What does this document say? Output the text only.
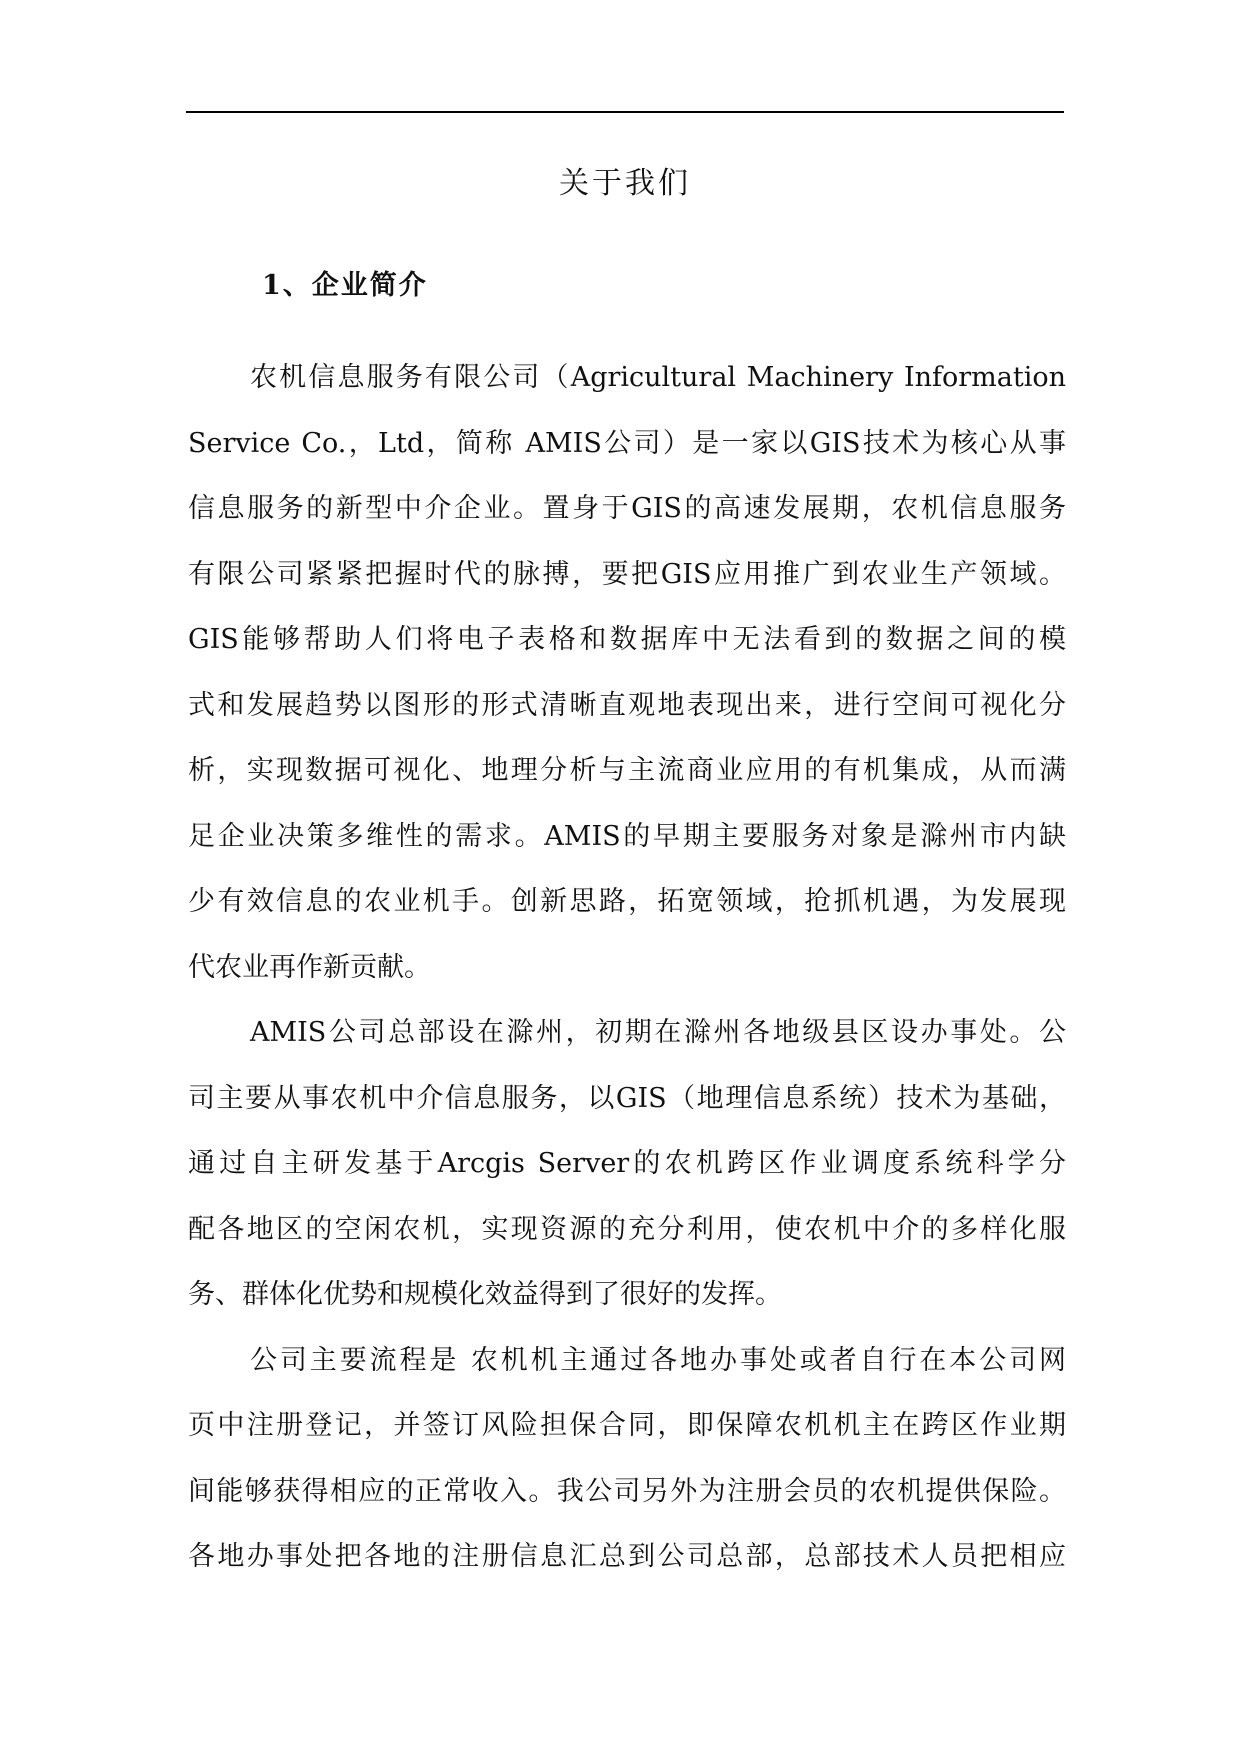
关于我们
1、企业简介
农机信息服务有限公司（Agricultural Machinery Information
Service Co.，Ltd，简称 AMIS公司）是一家以GIS技术为核心从事
信息服务的新型中介企业。置身于GIS的高速发展期，农机信息服务
有限公司紧紧把握时代的脉搏，要把GIS应用推广到农业生产领域。
GIS能够帮助人们将电子表格和数据库中无法看到的数据之间的模
式和发展趋势以图形的形式清晰直观地表现出来，进行空间可视化分
析，实现数据可视化、地理分析与主流商业应用的有机集成，从而满
足企业决策多维性的需求。AMIS的早期主要服务对象是滁州市内缺
少有效信息的农业机手。创新思路，拓宽领域，抢抓机遇，为发展现
代农业再作新贡献。
AMIS公司总部设在滁州，初期在滁州各地级县区设办事处。公
司主要从事农机中介信息服务，以GIS（地理信息系统）技术为基础，
通过自主研发基于Arcgis Server的农机跨区作业调度系统科学分
配各地区的空闲农机，实现资源的充分利用，使农机中介的多样化服
务、群体化优势和规模化效益得到了很好的发挥。
公司主要流程是 农机机主通过各地办事处或者自行在本公司网
页中注册登记，并签订风险担保合同，即保障农机机主在跨区作业期
间能够获得相应的正常收入。我公司另外为注册会员的农机提供保险。
各地办事处把各地的注册信息汇总到公司总部，总部技术人员把相应
